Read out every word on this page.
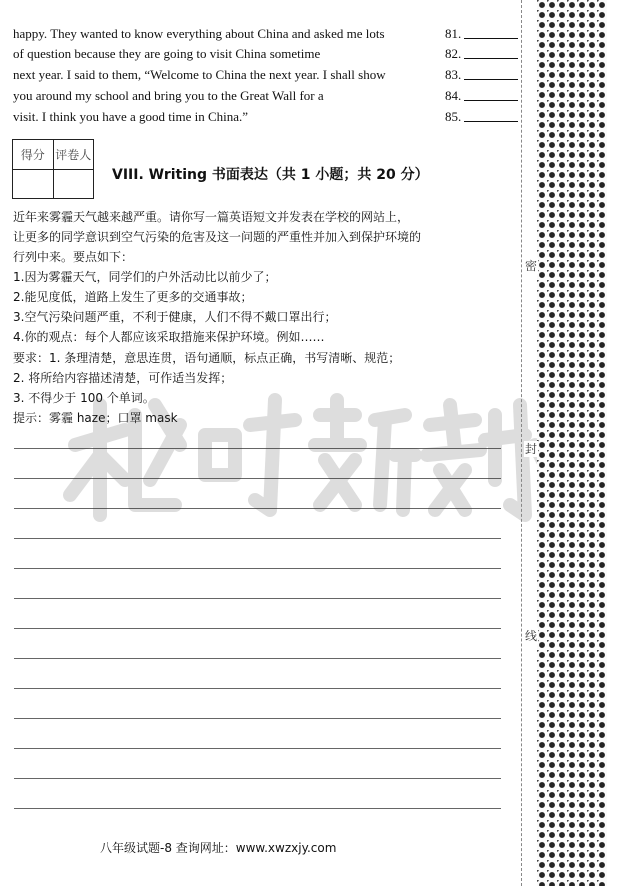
happy. They wanted to know everything about China and asked me lots
of question because they are going to visit China sometime
next year. I said to them, “Welcome to China the next year. I shall show
you around my school and bring you to the Great Wall for a
visit. I think you have a good time in China.”
81.
82.
83.
84.
85.
得分	评卷人

VIII. Writing 书面表达（共 1 小题；共 20 分）
近年来雾霾天气越来越严重。请你写一篇英语短文并发表在学校的网站上，
让更多的同学意识到空气污染的危害及这一问题的严重性并加入到保护环境的
行列中来。要点如下：
1.因为雾霾天气，同学们的户外活动比以前少了；
2.能见度低，道路上发生了更多的交通事故；
3.空气污染问题严重，不利于健康，人们不得不戴口罩出行；
4.你的观点：每个人都应该采取措施来保护环境。例如……
要求：1. 条理清楚，意思连贯，语句通顺，标点正确，书写清晰、规范；
2. 将所给内容描述清楚，可作适当发挥；
3. 不得少于 100 个单词。
提示：雾霾 haze；口罩 mask
密
封
线
八年级试题-8 查询网址：www.xwzxjy.com
